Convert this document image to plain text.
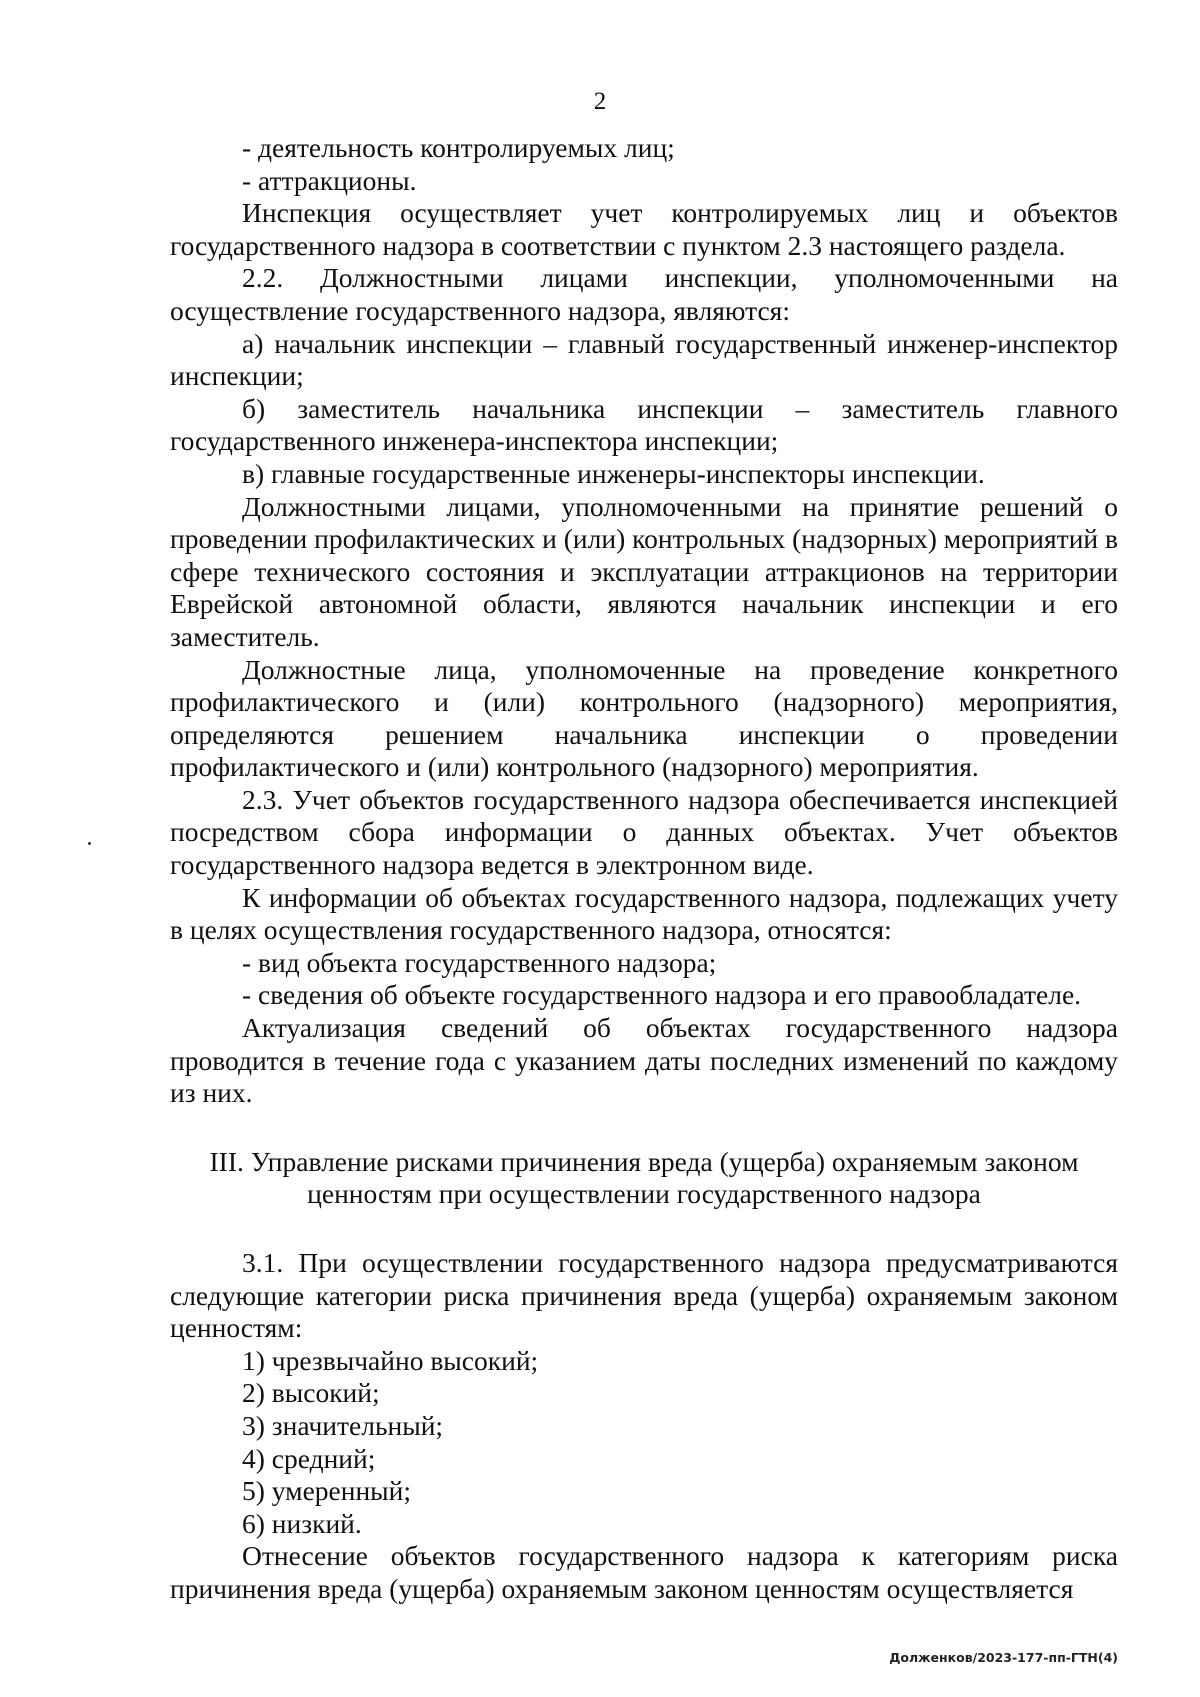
2

- деятельность контролируемых лиц;

- аттракционы.

Инспекция осуществляет учет контролируемых лиц и объектов государственного надзора в соответствии с пунктом 2.3 настоящего раздела.

2.2. Должностными лицами инспекции, уполномоченными на осуществление государственного надзора, являются:

а) начальник инспекции – главный государственный инженер-инспектор инспекции;

б) заместитель начальника инспекции – заместитель главного государственного инженера-инспектора инспекции;

в) главные государственные инженеры-инспекторы инспекции.

Должностными лицами, уполномоченными на принятие решений о проведении профилактических и (или) контрольных (надзорных) мероприятий в сфере технического состояния и эксплуатации аттракционов на территории Еврейской автономной области, являются начальник инспекции и его заместитель.

Должностные лица, уполномоченные на проведение конкретного профилактического и (или) контрольного (надзорного) мероприятия, определяются решением начальника инспекции о проведении профилактического и (или) контрольного (надзорного) мероприятия.

2.3. Учет объектов государственного надзора обеспечивается инспекцией посредством сбора информации о данных объектах. Учет объектов государственного надзора ведется в электронном виде.

К информации об объектах государственного надзора, подлежащих учету в целях осуществления государственного надзора, относятся:

- вид объекта государственного надзора;

- сведения об объекте государственного надзора и его правообладателе.

Актуализация сведений об объектах государственного надзора проводится в течение года с указанием даты последних изменений по каждому из них.

III. Управление рисками причинения вреда (ущерба) охраняемым законом
ценностям при осуществлении государственного надзора

3.1. При осуществлении государственного надзора предусматриваются следующие категории риска причинения вреда (ущерба) охраняемым законом ценностям:

1) чрезвычайно высокий;

2) высокий;

3) значительный;

4) средний;

5) умеренный;

6) низкий.

Отнесение объектов государственного надзора к категориям риска причинения вреда (ущерба) охраняемым законом ценностям осуществляется

Долженков/2023-177-пп-ГТН(4)
